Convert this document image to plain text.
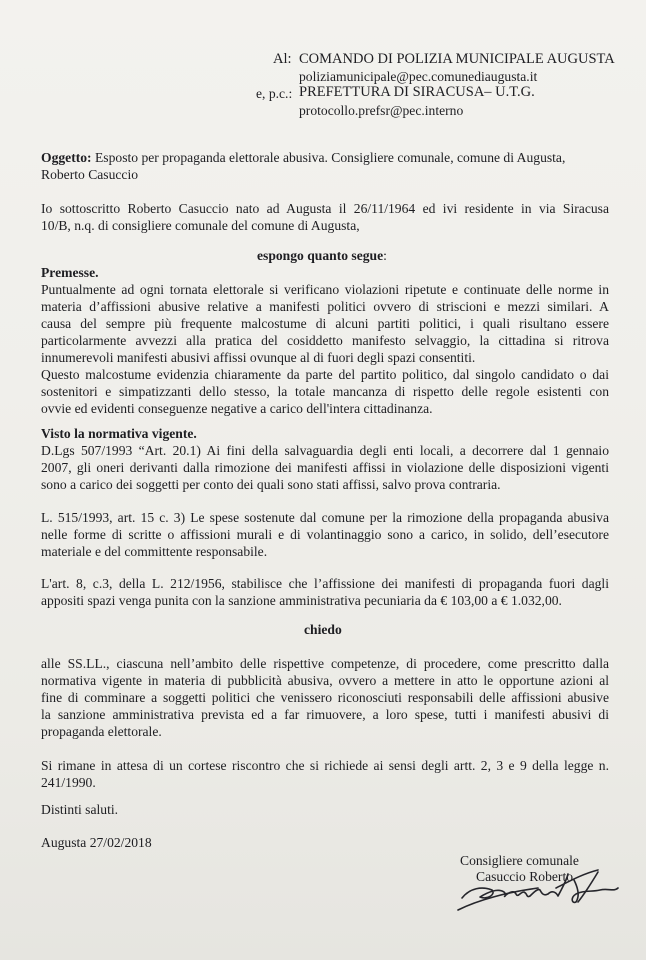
Al: COMANDO DI POLIZIA MUNICIPALE AUGUSTA
poliziamunicipale@pec.comunediaugusta.it
e, p.c.: PREFETTURA DI SIRACUSA– U.T.G.
protocollo.prefsr@pec.interno
Oggetto: Esposto per propaganda elettorale abusiva. Consigliere comunale, comune di Augusta,
Roberto Casuccio
Io sottoscritto Roberto Casuccio nato ad Augusta il 26/11/1964 ed ivi residente in via Siracusa
10/B, n.q. di consigliere comunale del comune di Augusta,
espongo quanto segue:
Premesse.
Puntualmente ad ogni tornata elettorale si verificano violazioni ripetute e continuate delle norme in
materia d’affissioni abusive relative a manifesti politici ovvero di striscioni e mezzi similari. A
causa del sempre più frequente malcostume di alcuni partiti politici, i quali risultano essere
particolarmente avvezzi alla pratica del cosiddetto manifesto selvaggio, la cittadina si ritrova
innumerevoli manifesti abusivi affissi ovunque al di fuori degli spazi consentiti.
Questo malcostume evidenzia chiaramente da parte del partito politico, dal singolo candidato o dai
sostenitori e simpatizzanti dello stesso, la totale mancanza di rispetto delle regole esistenti con
ovvie ed evidenti conseguenze negative a carico dell'intera cittadinanza.
Visto la normativa vigente.
D.Lgs 507/1993 “Art. 20.1) Ai fini della salvaguardia degli enti locali, a decorrere dal 1 gennaio
2007, gli oneri derivanti dalla rimozione dei manifesti affissi in violazione delle disposizioni vigenti
sono a carico dei soggetti per conto dei quali sono stati affissi, salvo prova contraria.
L. 515/1993, art. 15 c. 3) Le spese sostenute dal comune per la rimozione della propaganda abusiva
nelle forme di scritte o affissioni murali e di volantinaggio sono a carico, in solido, dell’esecutore
materiale e del committente responsabile.
L'art. 8, c.3, della L. 212/1956, stabilisce che l’affissione dei manifesti di propaganda fuori dagli
appositi spazi venga punita con la sanzione amministrativa pecuniaria da € 103,00 a € 1.032,00.
chiedo
alle SS.LL., ciascuna nell’ambito delle rispettive competenze, di procedere, come prescritto dalla
normativa vigente in materia di pubblicità abusiva, ovvero a mettere in atto le opportune azioni al
fine di comminare a soggetti politici che venissero riconosciuti responsabili delle affissioni abusive
la sanzione amministrativa prevista ed a far rimuovere, a loro spese, tutti i manifesti abusivi di
propaganda elettorale.
Si rimane in attesa di un cortese riscontro che si richiede ai sensi degli artt. 2, 3 e 9 della legge n.
241/1990.
Distinti saluti.
Augusta 27/02/2018
Consigliere comunale
Casuccio Roberto
